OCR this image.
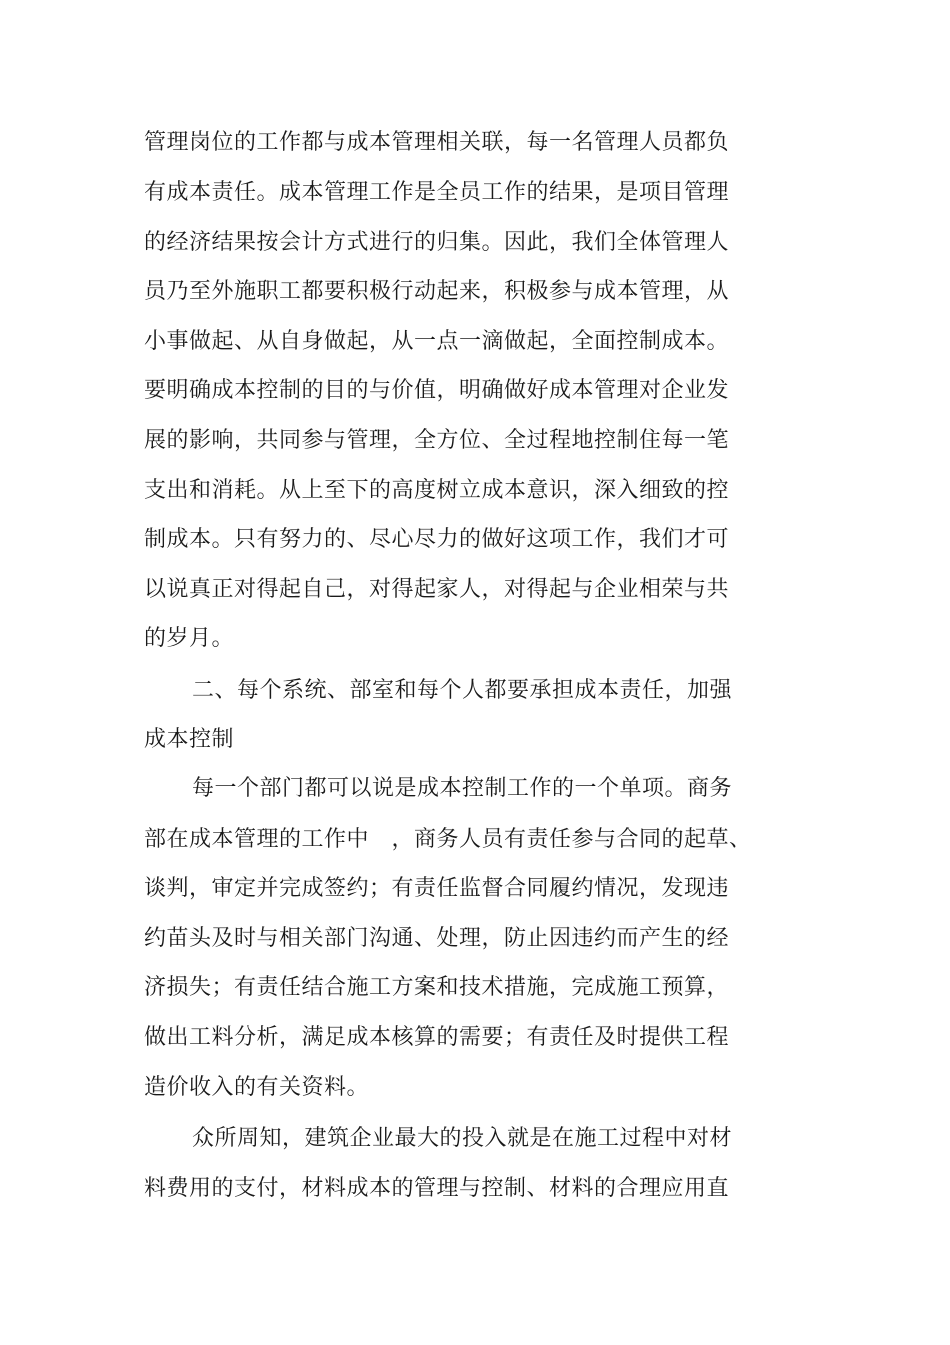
管理岗位的工作都与成本管理相关联，每一名管理人员都负
有成本责任。成本管理工作是全员工作的结果，是项目管理
的经济结果按会计方式进行的归集。因此，我们全体管理人
员乃至外施职工都要积极行动起来，积极参与成本管理，从
小事做起、从自身做起，从一点一滴做起，全面控制成本。
要明确成本控制的目的与价值，明确做好成本管理对企业发
展的影响，共同参与管理，全方位、全过程地控制住每一笔
支出和消耗。从上至下的高度树立成本意识，深入细致的控
制成本。只有努力的、尽心尽力的做好这项工作，我们才可
以说真正对得起自己，对得起家人，对得起与企业相荣与共
的岁月。
二、每个系统、部室和每个人都要承担成本责任，加强
成本控制
每一个部门都可以说是成本控制工作的一个单项。商务
部在成本管理的工作中　，商务人员有责任参与合同的起草、
谈判，审定并完成签约；有责任监督合同履约情况，发现违
约苗头及时与相关部门沟通、处理，防止因违约而产生的经
济损失；有责任结合施工方案和技术措施，完成施工预算，
做出工料分析，满足成本核算的需要；有责任及时提供工程
造价收入的有关资料。
众所周知，建筑企业最大的投入就是在施工过程中对材
料费用的支付，材料成本的管理与控制、材料的合理应用直
